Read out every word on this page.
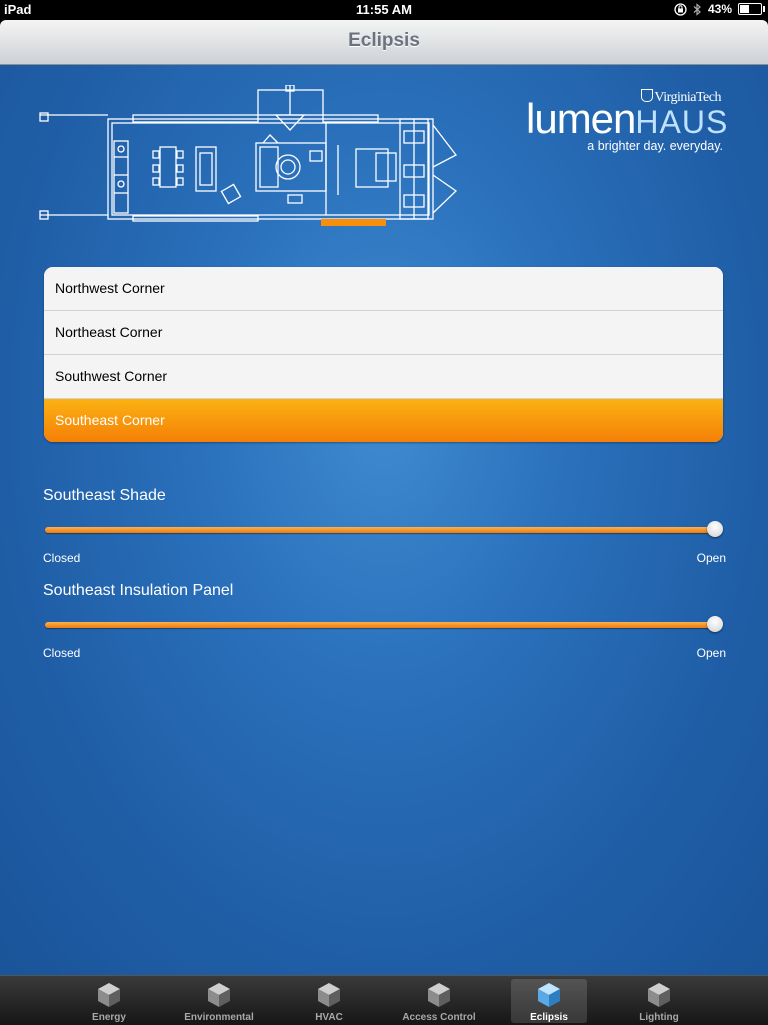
iPad	11:55 AM	43%
Eclipsis
VirginiaTech
lumenHAUS
a brighter day. everyday.
Northwest Corner
Northeast Corner
Southwest Corner
Southeast Corner
Southeast Shade
Closed	Open
Southeast Insulation Panel
Closed	Open
Energy	Environmental	HVAC	Access Control	Eclipsis	Lighting
